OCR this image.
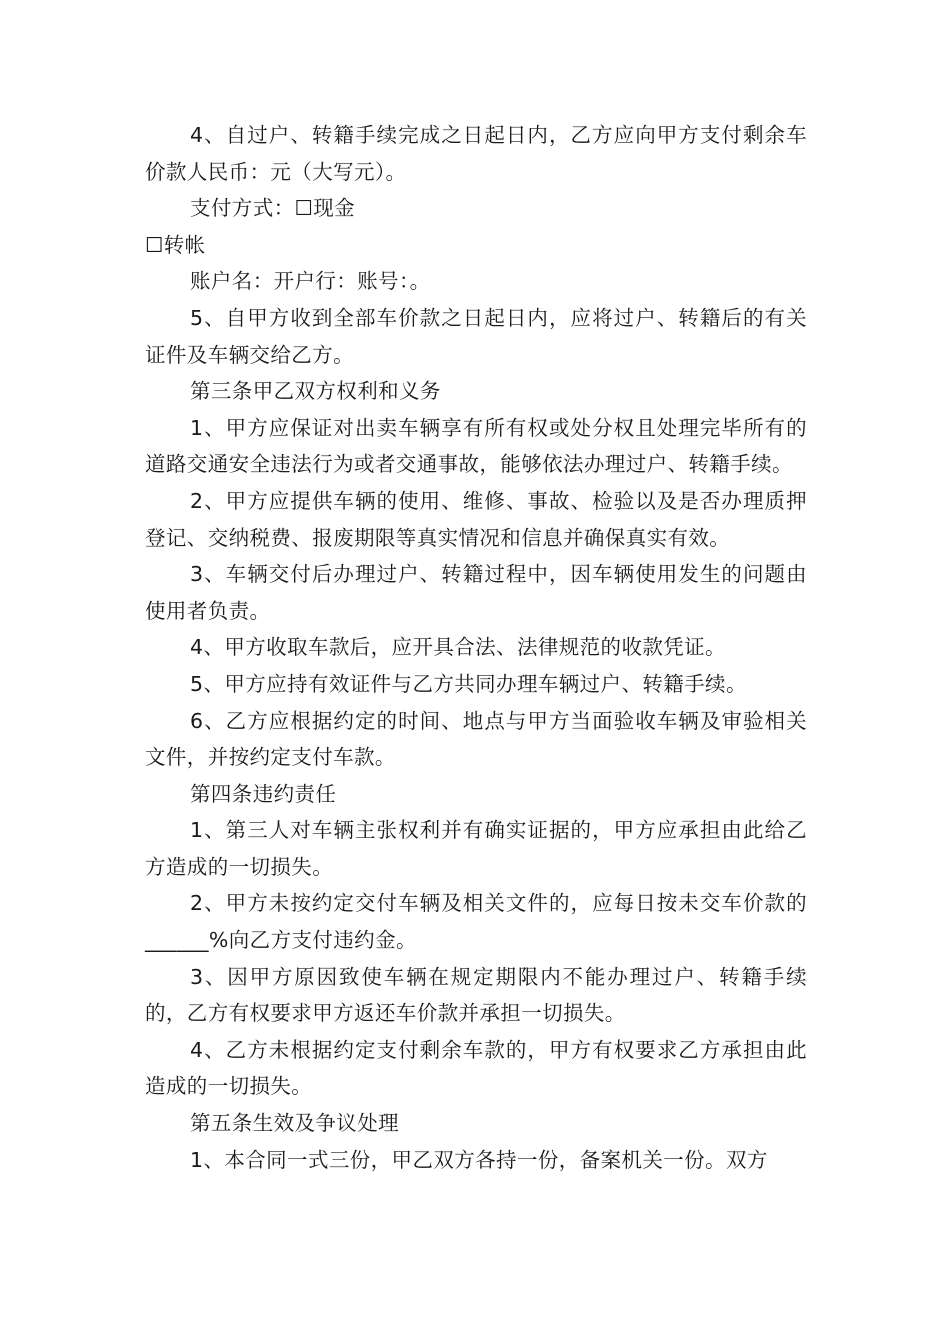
4、自过户、转籍手续完成之日起日内，乙方应向甲方支付剩余车价款人民币：元（大写元）。

支付方式：☐现金

☐转帐

账户名：开户行：账号：。

5、自甲方收到全部车价款之日起日内，应将过户、转籍后的有关证件及车辆交给乙方。

第三条甲乙双方权利和义务

1、甲方应保证对出卖车辆享有所有权或处分权且处理完毕所有的道路交通安全违法行为或者交通事故，能够依法办理过户、转籍手续。

2、甲方应提供车辆的使用、维修、事故、检验以及是否办理质押登记、交纳税费、报废期限等真实情况和信息并确保真实有效。

3、车辆交付后办理过户、转籍过程中，因车辆使用发生的问题由使用者负责。

4、甲方收取车款后，应开具合法、法律规范的收款凭证。

5、甲方应持有效证件与乙方共同办理车辆过户、转籍手续。

6、乙方应根据约定的时间、地点与甲方当面验收车辆及审验相关文件，并按约定支付车款。

第四条违约责任

1、第三人对车辆主张权利并有确实证据的，甲方应承担由此给乙方造成的一切损失。

2、甲方未按约定交付车辆及相关文件的，应每日按未交车价款的______%向乙方支付违约金。

3、因甲方原因致使车辆在规定期限内不能办理过户、转籍手续的，乙方有权要求甲方返还车价款并承担一切损失。

4、乙方未根据约定支付剩余车款的，甲方有权要求乙方承担由此造成的一切损失。

第五条生效及争议处理

1、本合同一式三份，甲乙双方各持一份，备案机关一份。双方
